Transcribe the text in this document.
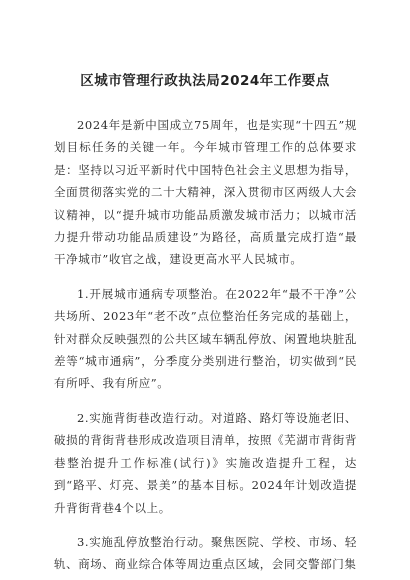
区城市管理行政执法局2024年工作要点

2024年是新中国成立75周年，也是实现“十四五”规划目标任务的关键一年。今年城市管理工作的总体要求是：坚持以习近平新时代中国特色社会主义思想为指导，全面贯彻落实党的二十大精神，深入贯彻市区两级人大会议精神，以“提升城市功能品质激发城市活力；以城市活力提升带动功能品质建设”为路径，高质量完成打造“最干净城市”收官之战，建设更高水平人民城市。

1.开展城市通病专项整治。在2022年“最不干净”公共场所、2023年“老不改”点位整治任务完成的基础上，针对群众反映强烈的公共区域车辆乱停放、闲置地块脏乱差等“城市通病”，分季度分类别进行整治，切实做到“民有所呼、我有所应”。

2.实施背街巷改造行动。对道路、路灯等设施老旧、破损的背街背巷形成改造项目清单，按照《芜湖市背街背巷整治提升工作标准(试行)》实施改造提升工程，达到“路平、灯亮、景美”的基本目标。2024年计划改造提升背街背巷4个以上。

3.实施乱停放整治行动。聚焦医院、学校、市场、轻轨、商场、商业综合体等周边重点区域，会同交警部门集
